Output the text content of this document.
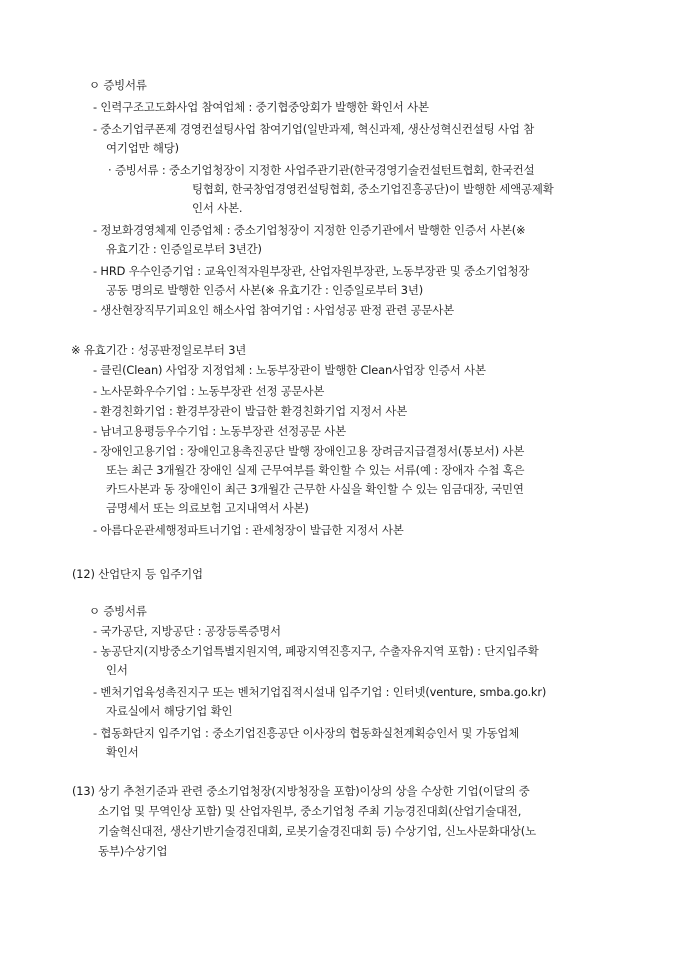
ㅇ 증빙서류
- 인력구조고도화사업 참여업체 : 중기협중앙회가 발행한 확인서 사본
- 중소기업쿠폰제 경영컨설팅사업 참여기업(일반과제, 혁신과제, 생산성혁신컨설팅 사업 참
여기업만 해당)
· 증빙서류 : 중소기업청장이 지정한 사업주관기관(한국경영기술컨설턴트협회, 한국컨설
팅협회, 한국창업경영컨설팅협회, 중소기업진흥공단)이 발행한 세액공제확
인서 사본.
- 정보화경영체제 인증업체 : 중소기업청장이 지정한 인증기관에서 발행한 인증서 사본(※
유효기간 : 인증일로부터 3년간)
- HRD 우수인증기업 : 교육인적자원부장관, 산업자원부장관, 노동부장관 및 중소기업청장
공동 명의로 발행한 인증서 사본(※ 유효기간 : 인증일로부터 3년)
- 생산현장직무기피요인 해소사업 참여기업 : 사업성공 판정 관련 공문사본
※ 유효기간 : 성공판정일로부터 3년
- 클린(Clean) 사업장 지정업체 : 노동부장관이 발행한 Clean사업장 인증서 사본
- 노사문화우수기업 : 노동부장관 선정 공문사본
- 환경친화기업 : 환경부장관이 발급한 환경친화기업 지정서 사본
- 남녀고용평등우수기업 : 노동부장관 선정공문 사본
- 장애인고용기업 : 장애인고용촉진공단 발행 장애인고용 장려금지급결정서(통보서) 사본
또는 최근 3개월간 장애인 실제 근무여부를 확인할 수 있는 서류(예 : 장애자 수첩 혹은
카드사본과 동 장애인이 최근 3개월간 근무한 사실을 확인할 수 있는 임금대장, 국민연
금명세서 또는 의료보험 고지내역서 사본)
- 아름다운관세행정파트너기업 : 관세청장이 발급한 지정서 사본
(12) 산업단지 등 입주기업
ㅇ 증빙서류
- 국가공단, 지방공단 : 공장등록증명서
- 농공단지(지방중소기업특별지원지역, 폐광지역진흥지구, 수출자유지역 포함) : 단지입주확
인서
- 벤처기업육성촉진지구 또는 벤처기업집적시설내 입주기업 : 인터넷(venture, smba.go.kr)
자료실에서 해당기업 확인
- 협동화단지 입주기업 : 중소기업진흥공단 이사장의 협동화실천계획승인서 및 가동업체
확인서
(13) 상기 추천기준과 관련 중소기업청장(지방청장을 포함)이상의 상을 수상한 기업(이달의 중
소기업 및 무역인상 포함) 및 산업자원부, 중소기업청 주최 기능경진대회(산업기술대전,
기술혁신대전, 생산기반기술경진대회, 로봇기술경진대회 등) 수상기업, 신노사문화대상(노
동부)수상기업
